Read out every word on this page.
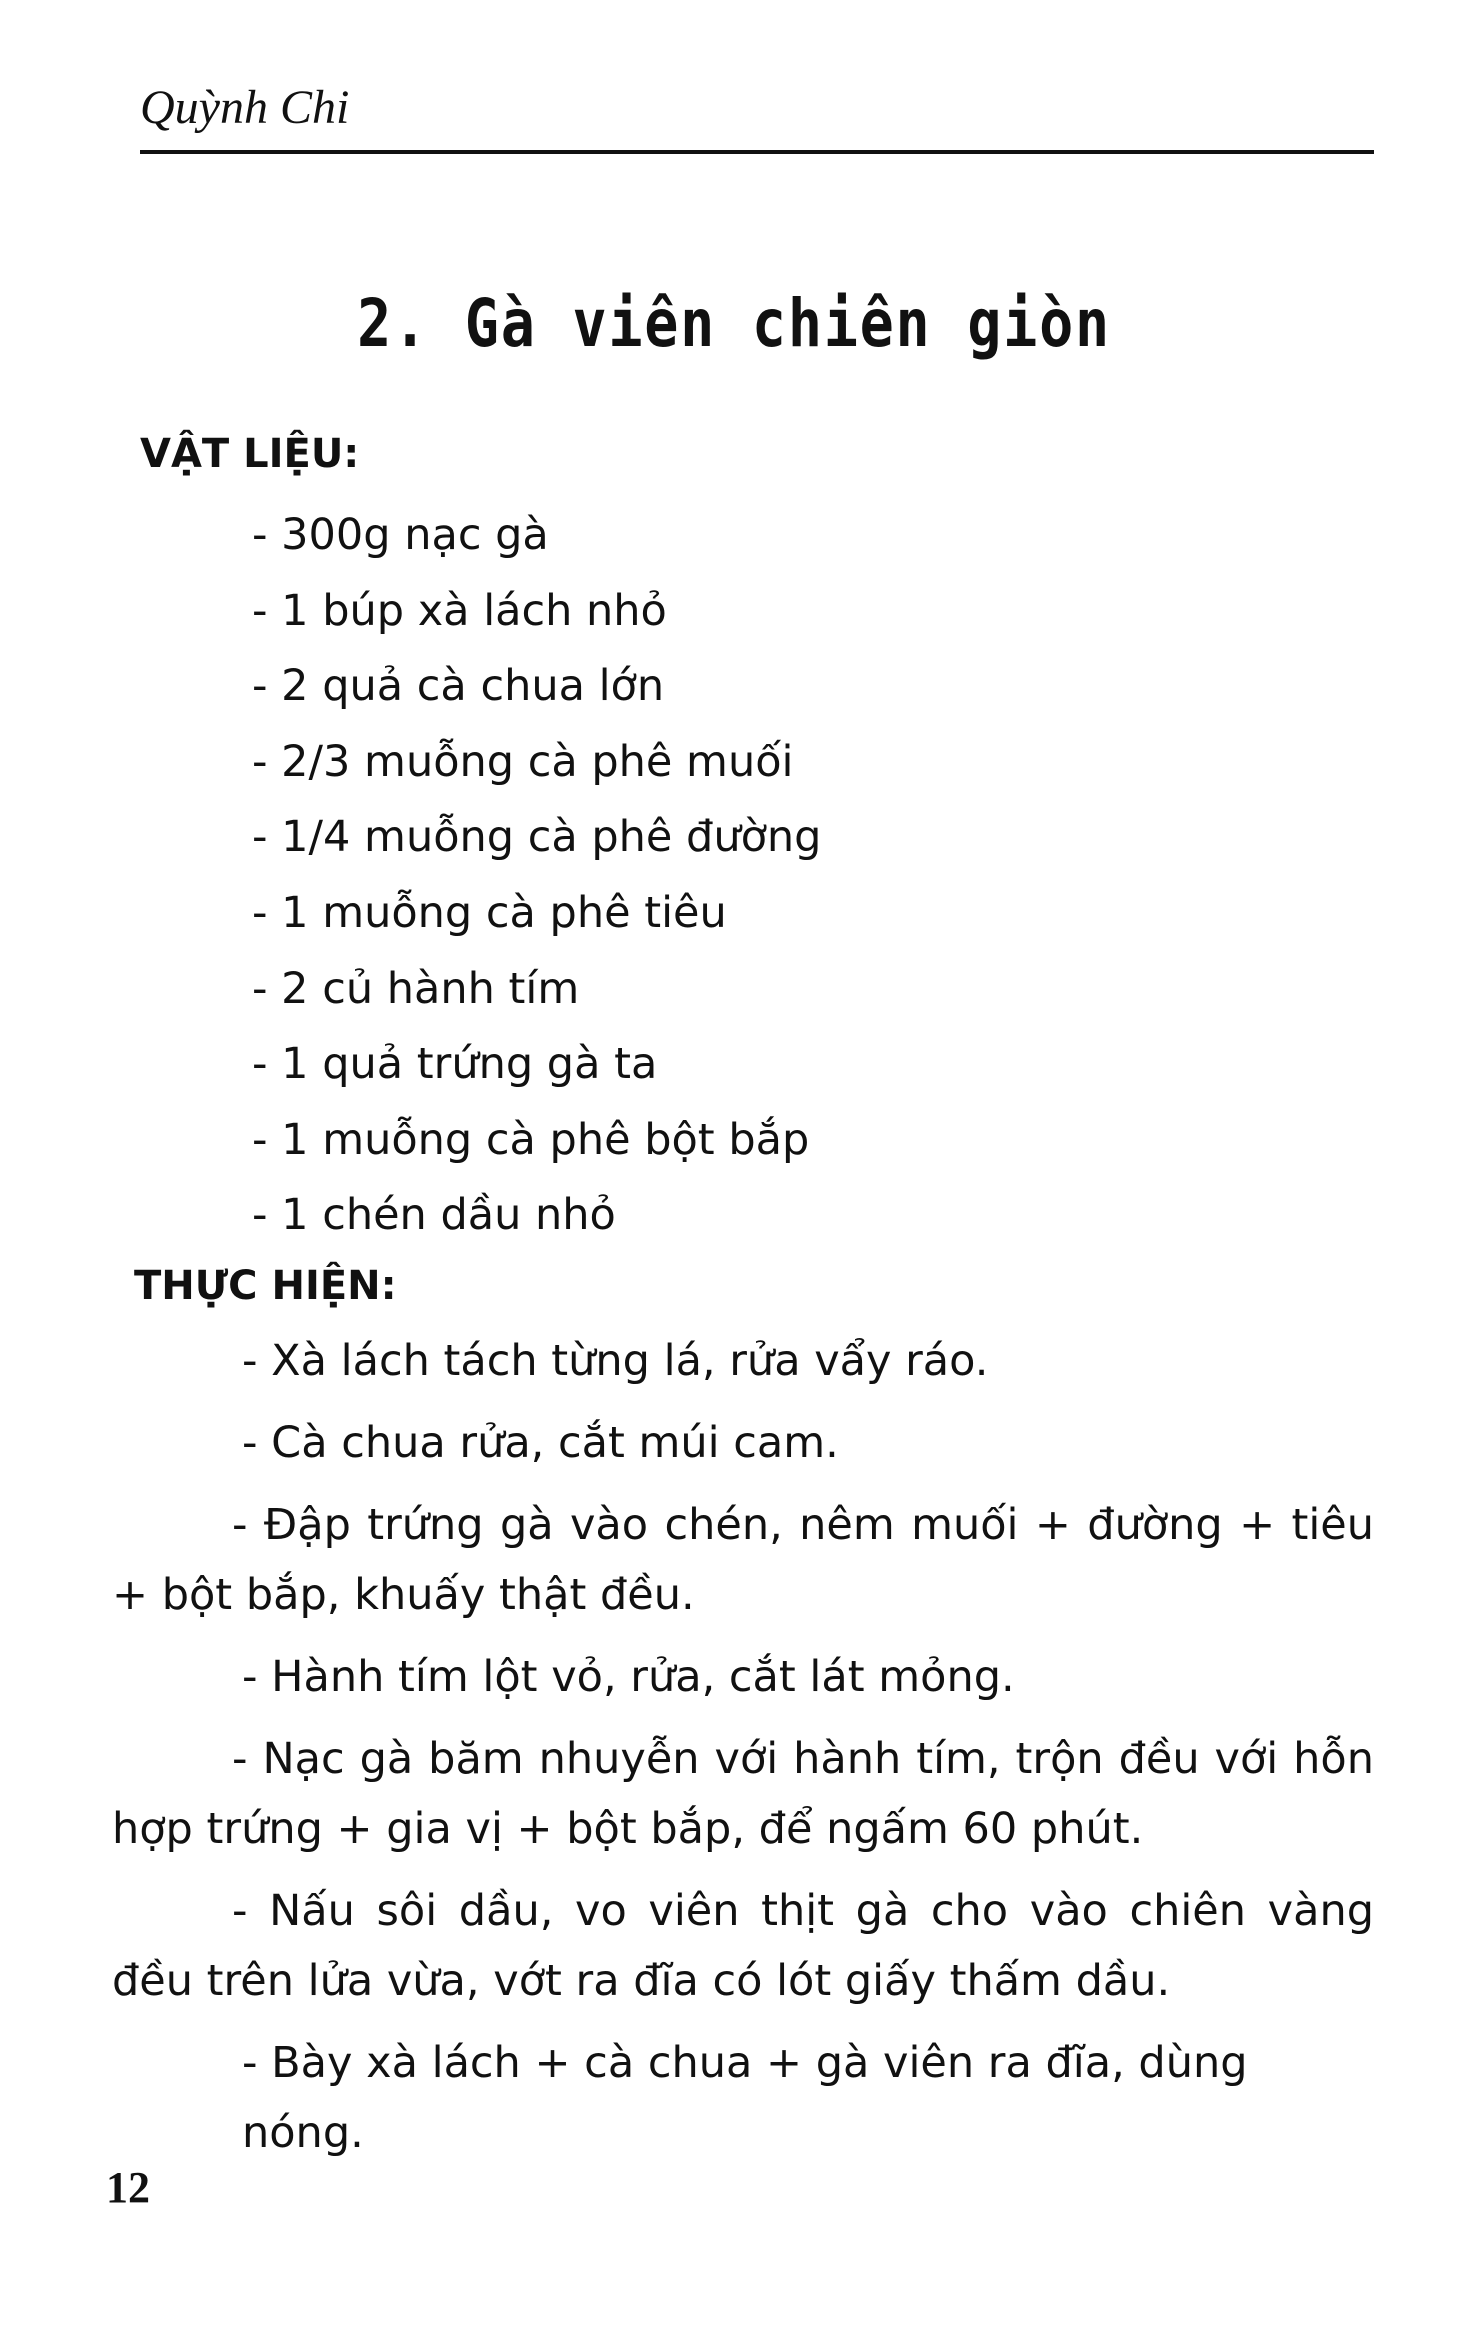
Quỳnh Chi
2. Gà viên chiên giòn
VẬT LIỆU:
- 300g nạc gà
- 1 búp xà lách nhỏ
- 2 quả cà chua lớn
- 2/3 muỗng cà phê muối
- 1/4 muỗng cà phê đường
- 1 muỗng cà phê tiêu
- 2 củ hành tím
- 1 quả trứng gà ta
- 1 muỗng cà phê bột bắp
- 1 chén dầu nhỏ
THỰC HIỆN:
- Xà lách tách từng lá, rửa vẩy ráo.
- Cà chua rửa, cắt múi cam.
- Đập trứng gà vào chén, nêm muối + đường + tiêu + bột bắp, khuấy thật đều.
- Hành tím lột vỏ, rửa, cắt lát mỏng.
- Nạc gà băm nhuyễn với hành tím, trộn đều với hỗn hợp trứng + gia vị + bột bắp, để ngấm 60 phút.
- Nấu sôi dầu, vo viên thịt gà cho vào chiên vàng đều trên lửa vừa, vớt ra đĩa có lót giấy thấm dầu.
- Bày xà lách + cà chua + gà viên ra đĩa, dùng nóng.
12
